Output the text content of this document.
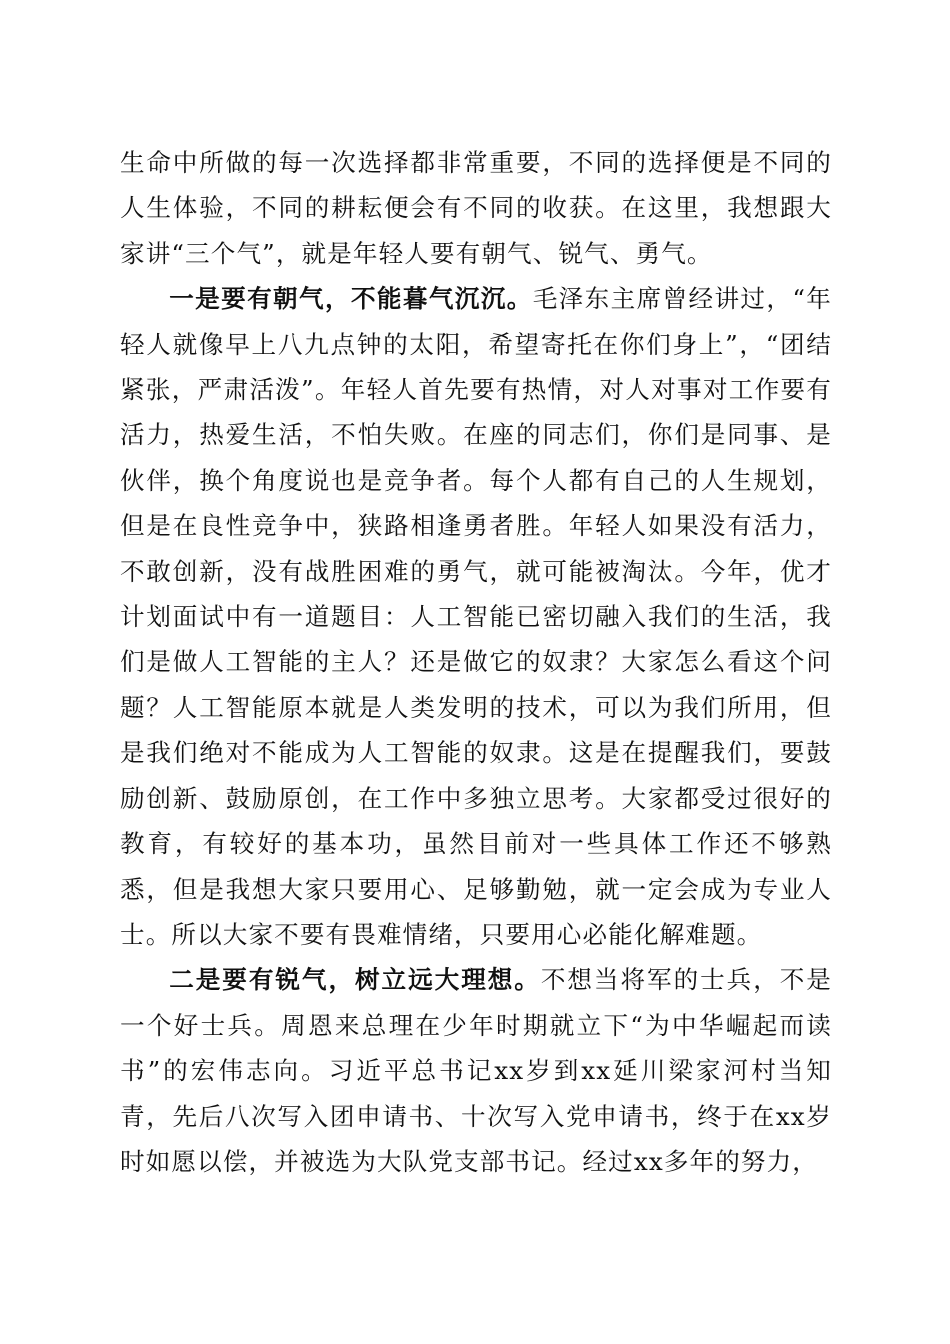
生命中所做的每一次选择都非常重要，不同的选择便是不同的人生体验，不同的耕耘便会有不同的收获。在这里，我想跟大家讲“三个气”，就是年轻人要有朝气、锐气、勇气。

一是要有朝气，不能暮气沉沉。毛泽东主席曾经讲过，“年轻人就像早上八九点钟的太阳，希望寄托在你们身上”，“团结紧张，严肃活泼”。年轻人首先要有热情，对人对事对工作要有活力，热爱生活，不怕失败。在座的同志们，你们是同事、是伙伴，换个角度说也是竞争者。每个人都有自己的人生规划，但是在良性竞争中，狭路相逢勇者胜。年轻人如果没有活力，不敢创新，没有战胜困难的勇气，就可能被淘汰。今年，优才计划面试中有一道题目：人工智能已密切融入我们的生活，我们是做人工智能的主人？还是做它的奴隶？大家怎么看这个问题？人工智能原本就是人类发明的技术，可以为我们所用，但是我们绝对不能成为人工智能的奴隶。这是在提醒我们，要鼓励创新、鼓励原创，在工作中多独立思考。大家都受过很好的教育，有较好的基本功，虽然目前对一些具体工作还不够熟悉，但是我想大家只要用心、足够勤勉，就一定会成为专业人士。所以大家不要有畏难情绪，只要用心必能化解难题。

二是要有锐气，树立远大理想。不想当将军的士兵，不是一个好士兵。周恩来总理在少年时期就立下“为中华崛起而读书”的宏伟志向。习近平总书记xx岁到xx延川梁家河村当知青，先后八次写入团申请书、十次写入党申请书，终于在xx岁时如愿以偿，并被选为大队党支部书记。经过xx多年的努力，
